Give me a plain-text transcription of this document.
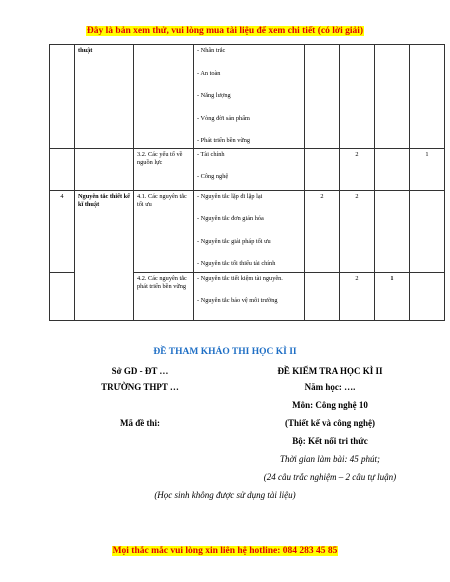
Đây là bản xem thử, vui lòng mua tài liệu để xem chi tiết (có lời giải)
	thuật		- Nhân trắc
- An toàn
- Năng lượng
- Vòng đời sản phẩm
- Phát triển bền vững				

		3.2. Các yếu tố về nguồn lực	- Tài chính
- Công nghệ		2		1
4	Nguyên tắc thiết kế kĩ thuật	4.1. Các nguyên tắc tối ưu	- Nguyên tắc lặp đi lặp lại
- Nguyên tắc đơn giản hóa
- Nguyên tắc giải pháp tối ưu
- Nguyên tắc tối thiểu tài chính	2	2		
		4.2. Các nguyên tắc phát triển bền vững	- Nguyên tắc tiết kiệm tài nguyên.
- Nguyên tắc bảo vệ môi trường		2	1	
ĐỀ THAM KHẢO THI HỌC KÌ II
Sở GD - ĐT …
TRƯỜNG THPT …
Mã đề thi:
ĐỀ KIỂM TRA HỌC KÌ II
Năm học: ….
Môn: Công nghệ 10
(Thiết kế và công nghệ)
Bộ: Kết nối tri thức
Thời gian làm bài: 45 phút;
(24 câu trắc nghiệm – 2 câu tự luận)
(Học sinh không được sử dụng tài liệu)
Mọi thắc mắc vui lòng xin liên hệ hotline: 084 283 45 85
